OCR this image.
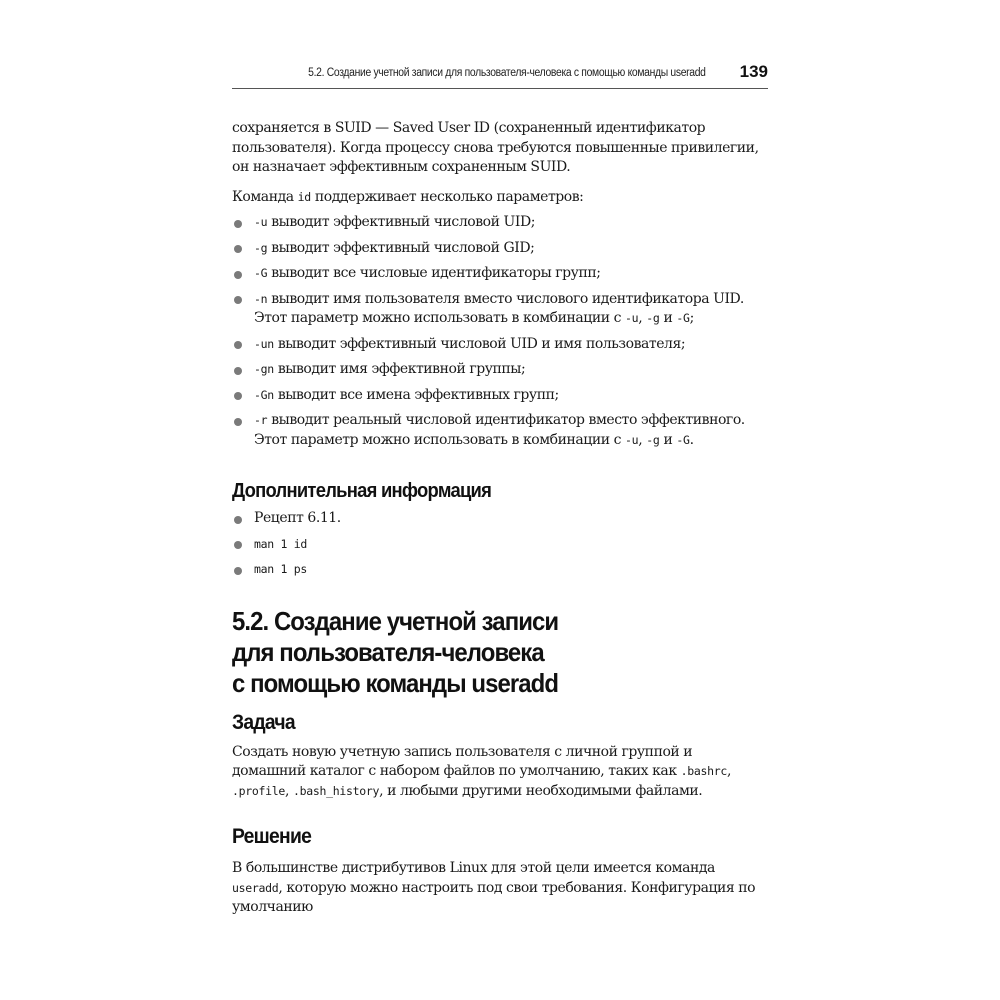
5.2. Создание учетной записи для пользователя-человека с помощью команды useradd 139

сохраняется в SUID — Saved User ID (сохраненный идентификатор пользователя). Когда процессу снова требуются повышенные привилегии, он назначает эффективным сохраненным SUID.

Команда id поддерживает несколько параметров:

-u выводит эффективный числовой UID;
-g выводит эффективный числовой GID;
-G выводит все числовые идентификаторы групп;
-n выводит имя пользователя вместо числового идентификатора UID. Этот параметр можно использовать в комбинации с -u, -g и -G;
-un выводит эффективный числовой UID и имя пользователя;
-gn выводит имя эффективной группы;
-Gn выводит все имена эффективных групп;
-r выводит реальный числовой идентификатор вместо эффективного. Этот параметр можно использовать в комбинации с -u, -g и -G.
Дополнительная информация
Рецепт 6.11.
man 1 id
man 1 ps
5.2. Создание учетной записи
для пользователя-человека
с помощью команды useradd
Задача

Создать новую учетную запись пользователя с личной группой и домашний каталог с набором файлов по умолчанию, таких как .bashrc, .profile, .bash_history, и любыми другими необходимыми файлами.

Решение

В большинстве дистрибутивов Linux для этой цели имеется команда useradd, которую можно настроить под свои требования. Конфигурация по умолчанию
